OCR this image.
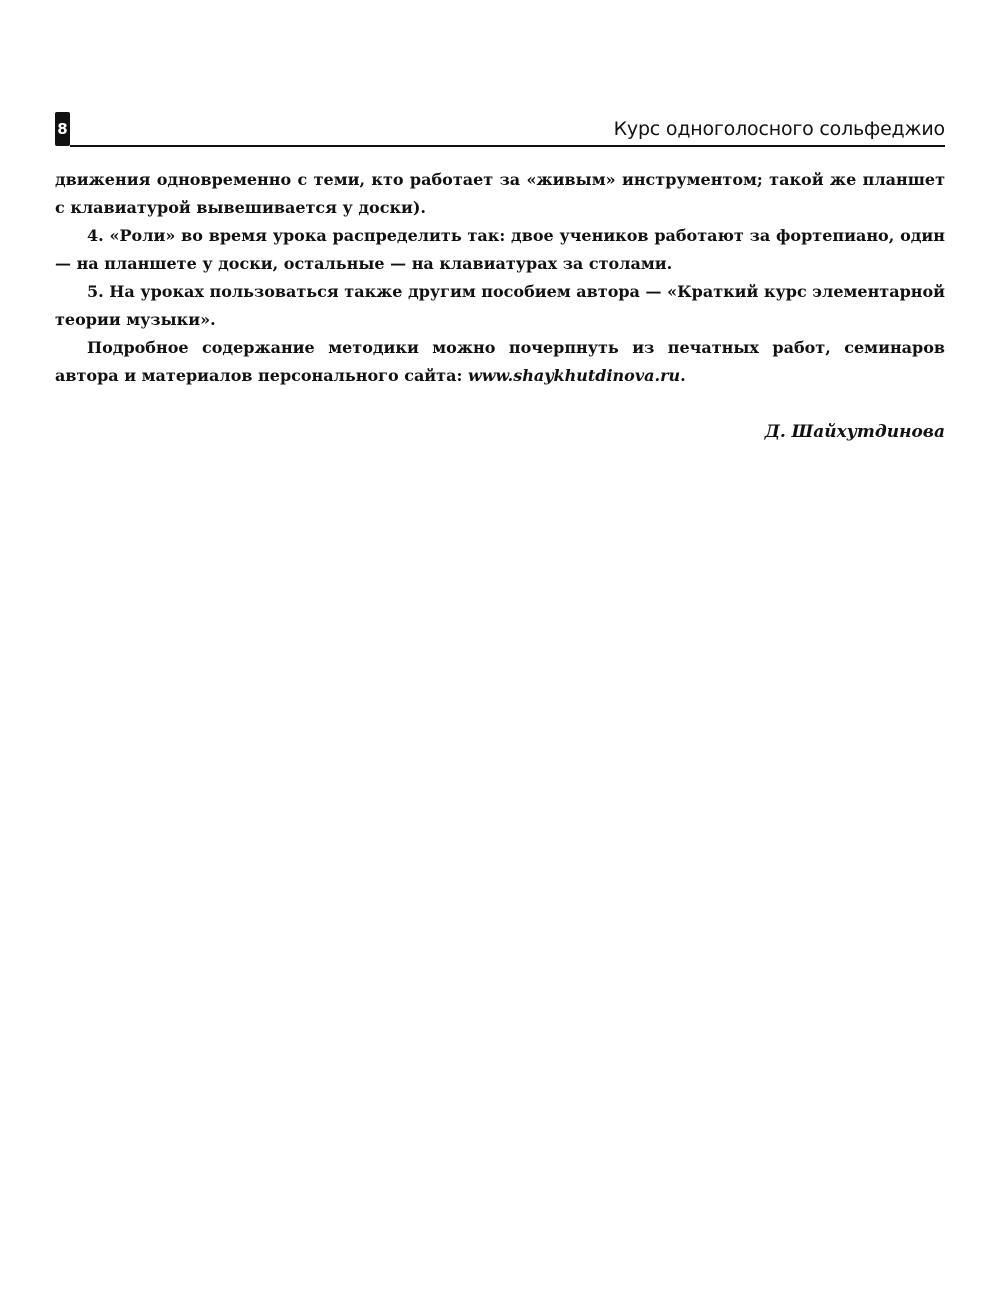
8	Курс одноголосного сольфеджио

движения одновременно с теми, кто работает за «живым» инструментом; такой же планшет с клавиатурой вывешивается у доски).

4. «Роли» во время урока распределить так: двое учеников работают за фортепиано, один — на планшете у доски, остальные — на клавиатурах за столами.

5. На уроках пользоваться также другим пособием автора — «Краткий курс элементарной теории музыки».

Подробное содержание методики можно почерпнуть из печатных работ, семинаров автора и материалов персонального сайта: www.shaykhutdinova.ru.

Д. Шайхутдинова
